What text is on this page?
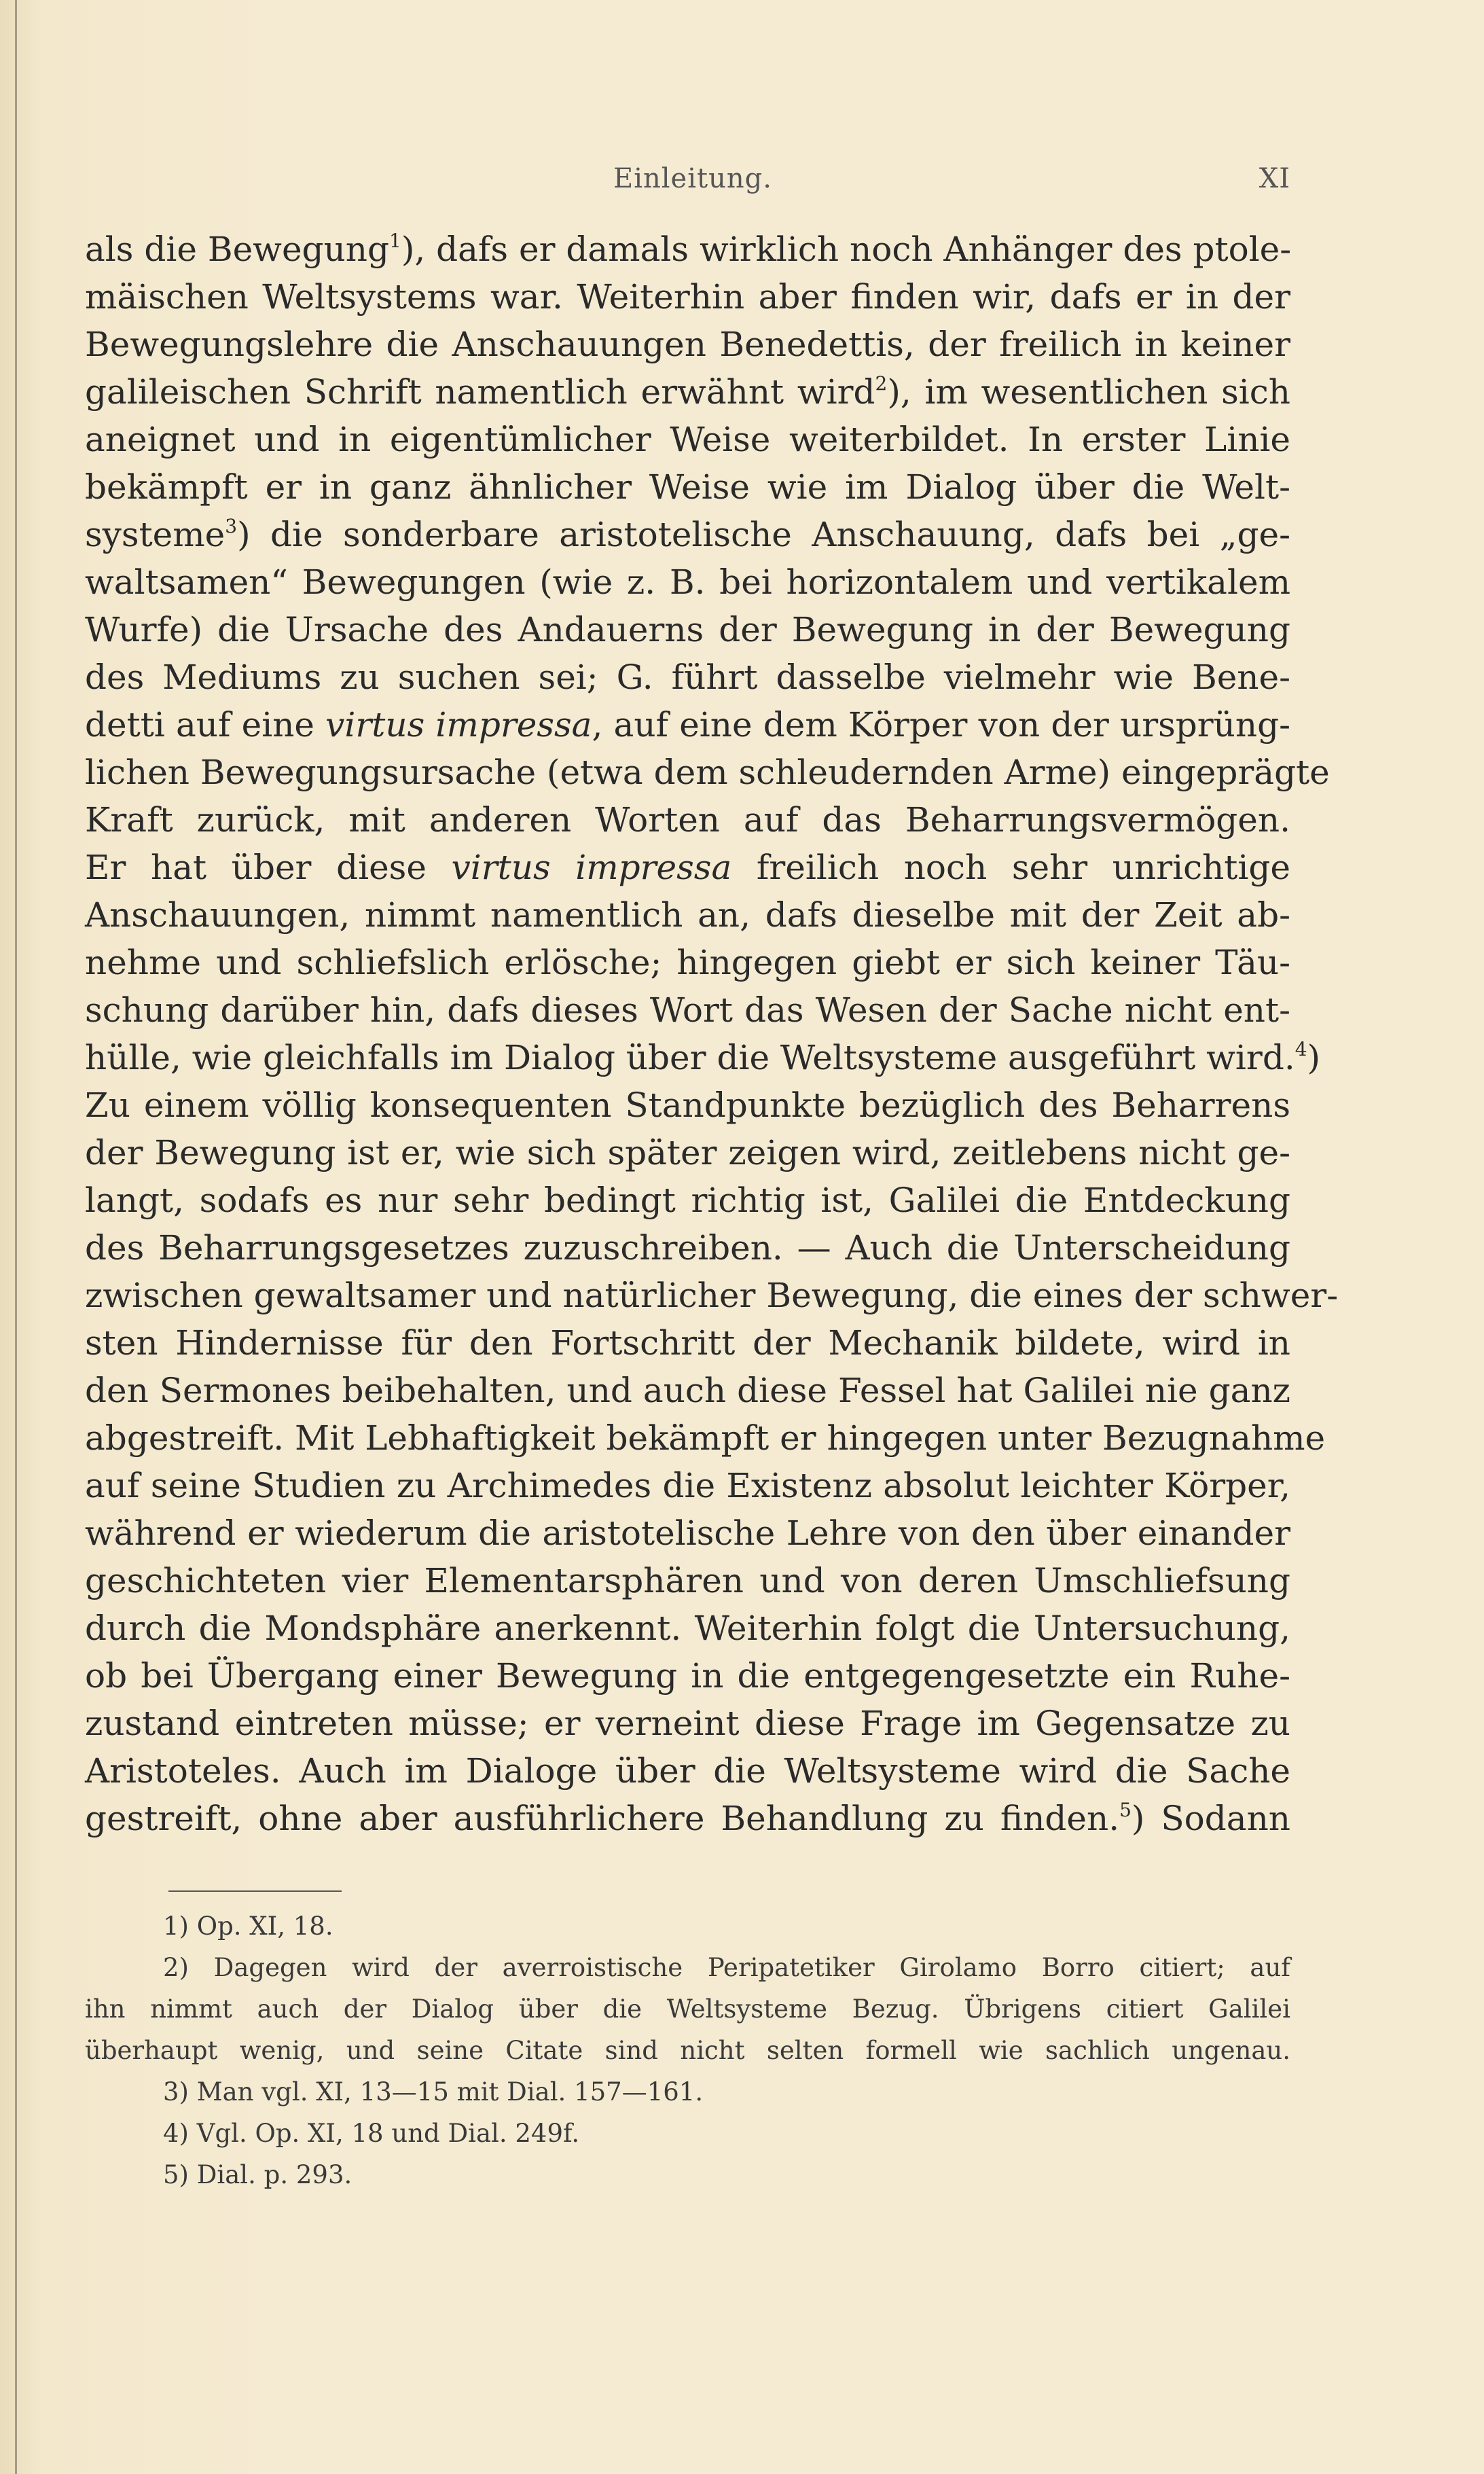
Einleitung.	XI
als die Bewegung$^1$), dafs er damals wirklich noch Anhänger des ptole-
mäischen Weltsystems war. Weiterhin aber finden wir, dafs er in der
Bewegungslehre die Anschauungen Benedettis, der freilich in keiner
galileischen Schrift namentlich erwähnt wird$^2$), im wesentlichen sich
aneignet und in eigentümlicher Weise weiterbildet. In erster Linie
bekämpft er in ganz ähnlicher Weise wie im Dialog über die Welt-
systeme$^3$) die sonderbare aristotelische Anschauung, dafs bei „ge-
waltsamen“ Bewegungen (wie z. B. bei horizontalem und vertikalem
Wurfe) die Ursache des Andauerns der Bewegung in der Bewegung
des Mediums zu suchen sei; G. führt dasselbe vielmehr wie Bene-
detti auf eine virtus impressa, auf eine dem Körper von der ursprüng-
lichen Bewegungsursache (etwa dem schleudernden Arme) eingeprägte
Kraft zurück, mit anderen Worten auf das Beharrungsvermögen.
Er hat über diese virtus impressa freilich noch sehr unrichtige
Anschauungen, nimmt namentlich an, dafs dieselbe mit der Zeit ab-
nehme und schliefslich erlösche; hingegen giebt er sich keiner Täu-
schung darüber hin, dafs dieses Wort das Wesen der Sache nicht ent-
hülle, wie gleichfalls im Dialog über die Weltsysteme ausgeführt wird.$^4$)
Zu einem völlig konsequenten Standpunkte bezüglich des Beharrens
der Bewegung ist er, wie sich später zeigen wird, zeitlebens nicht ge-
langt, sodafs es nur sehr bedingt richtig ist, Galilei die Entdeckung
des Beharrungsgesetzes zuzuschreiben. — Auch die Unterscheidung
zwischen gewaltsamer und natürlicher Bewegung, die eines der schwer-
sten Hindernisse für den Fortschritt der Mechanik bildete, wird in
den Sermones beibehalten, und auch diese Fessel hat Galilei nie ganz
abgestreift. Mit Lebhaftigkeit bekämpft er hingegen unter Bezugnahme
auf seine Studien zu Archimedes die Existenz absolut leichter Körper,
während er wiederum die aristotelische Lehre von den über einander
geschichteten vier Elementarsphären und von deren Umschliefsung
durch die Mondsphäre anerkennt. Weiterhin folgt die Untersuchung,
ob bei Übergang einer Bewegung in die entgegengesetzte ein Ruhe-
zustand eintreten müsse; er verneint diese Frage im Gegensatze zu
Aristoteles. Auch im Dialoge über die Weltsysteme wird die Sache
gestreift, ohne aber ausführlichere Behandlung zu finden.$^5$) Sodann
1) Op. XI, 18.
2) Dagegen wird der averroistische Peripatetiker Girolamo Borro citiert; auf
ihn nimmt auch der Dialog über die Weltsysteme Bezug. Übrigens citiert Galilei
überhaupt wenig, und seine Citate sind nicht selten formell wie sachlich ungenau.
3) Man vgl. XI, 13—15 mit Dial. 157—161.
4) Vgl. Op. XI, 18 und Dial. 249f.
5) Dial. p. 293.
